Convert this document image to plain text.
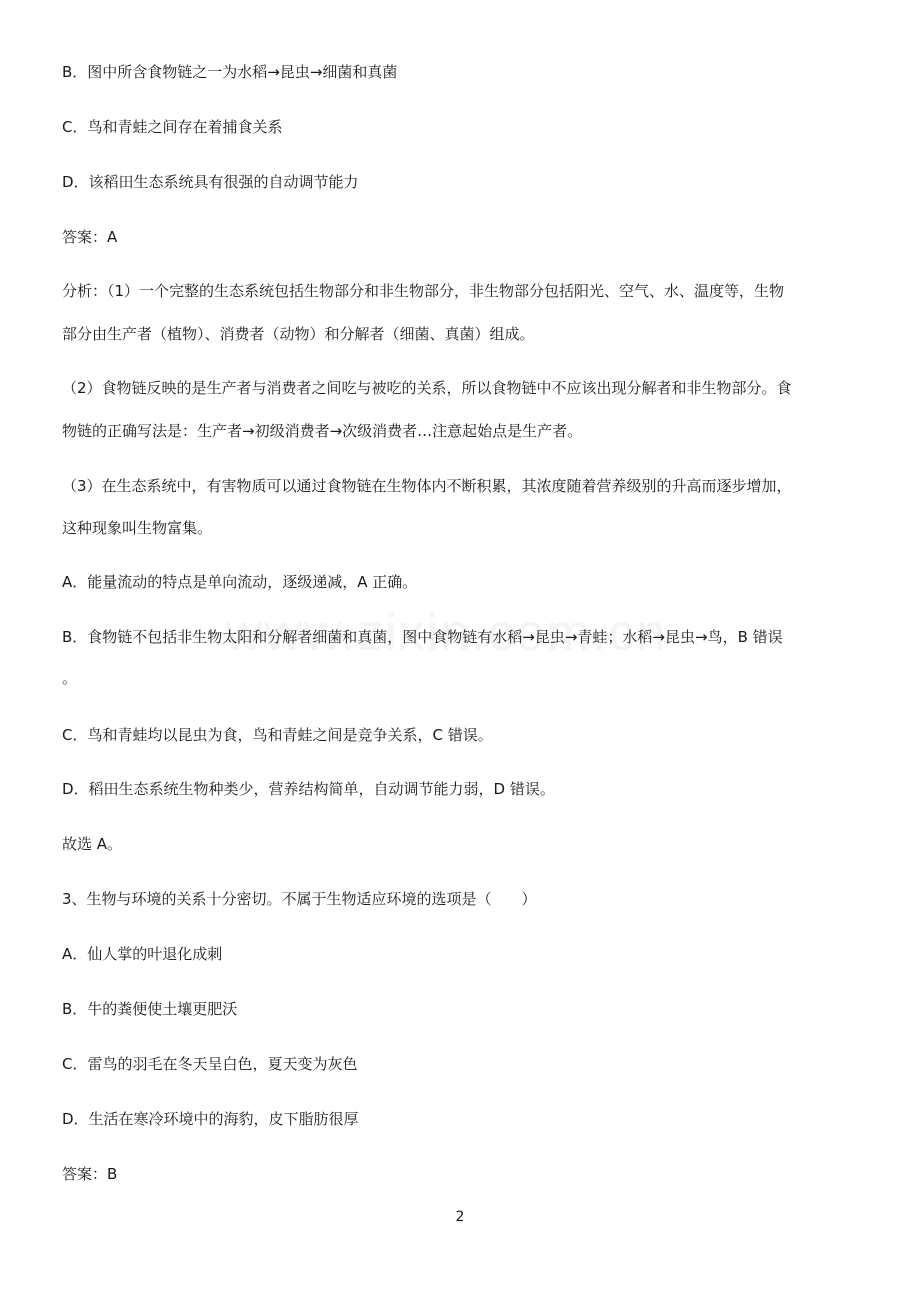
B．图中所含食物链之一为水稻→昆虫→细菌和真菌
C．鸟和青蛙之间存在着捕食关系
D．该稻田生态系统具有很强的自动调节能力
答案：A
分析：（1）一个完整的生态系统包括生物部分和非生物部分，非生物部分包括阳光、空气、水、温度等，生物
部分由生产者（植物）、消费者（动物）和分解者（细菌、真菌）组成。
（2）食物链反映的是生产者与消费者之间吃与被吃的关系，所以食物链中不应该出现分解者和非生物部分。食
物链的正确写法是：生产者→初级消费者→次级消费者…注意起始点是生产者。
（3）在生态系统中，有害物质可以通过食物链在生物体内不断积累，其浓度随着营养级别的升高而逐步增加，
这种现象叫生物富集。
A．能量流动的特点是单向流动，逐级递减，A 正确。
B．食物链不包括非生物太阳和分解者细菌和真菌，图中食物链有水稻→昆虫→青蛙；水稻→昆虫→鸟，B 错误
。
C．鸟和青蛙均以昆虫为食，鸟和青蛙之间是竞争关系，C 错误。
D．稻田生态系统生物种类少，营养结构简单，自动调节能力弱，D 错误。
故选 A。
3、生物与环境的关系十分密切。不属于生物适应环境的选项是（　　）
A．仙人掌的叶退化成刺
B．牛的粪便使土壤更肥沃
C．雷鸟的羽毛在冬天呈白色，夏天变为灰色
D．生活在寒冷环境中的海豹，皮下脂肪很厚
答案：B
2
